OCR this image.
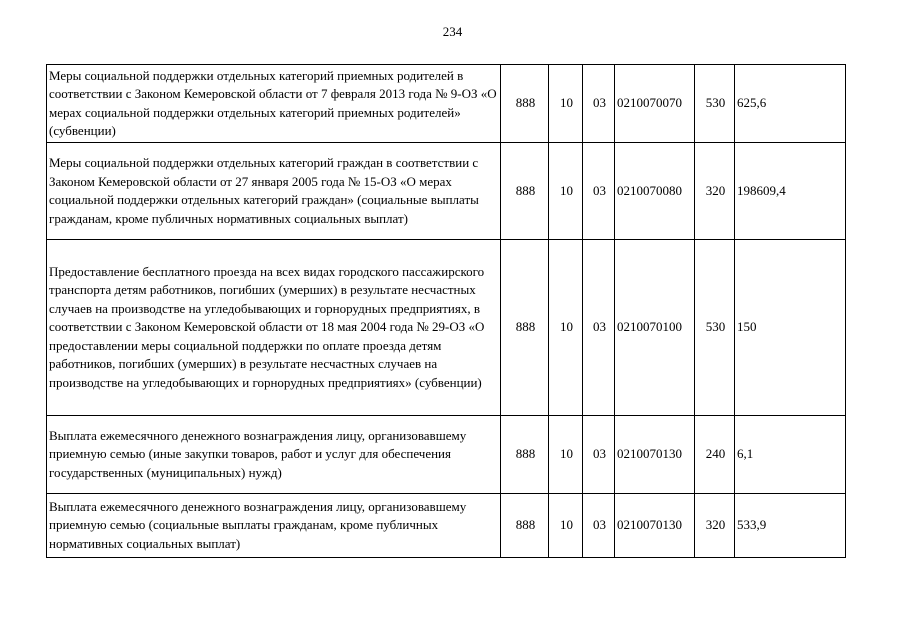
234
Меры социальной поддержки отдельных категорий приемных родителей в соответствии с Законом Кемеровской области от 7 февраля 2013 года № 9-ОЗ «О мерах социальной поддержки отдельных категорий приемных родителей» (субвенции)	888	10	03	0210070070	530	625,6
Меры социальной поддержки отдельных категорий граждан в соответствии с Законом Кемеровской области от 27 января 2005 года № 15-ОЗ «О мерах социальной поддержки отдельных категорий граждан» (социальные выплаты гражданам, кроме публичных нормативных социальных выплат)	888	10	03	0210070080	320	198609,4
Предоставление бесплатного проезда на всех видах городского пассажирского транспорта детям работников, погибших (умерших) в результате несчастных случаев на производстве на угледобывающих и горнорудных предприятиях, в соответствии с Законом Кемеровской области от 18 мая 2004 года № 29-ОЗ «О предоставлении меры социальной поддержки по оплате проезда детям работников, погибших (умерших) в результате несчастных случаев на производстве на угледобывающих и горнорудных предприятиях» (субвенции)	888	10	03	0210070100	530	150
Выплата ежемесячного денежного вознаграждения лицу, организовавшему приемную семью (иные закупки товаров, работ и услуг для обеспечения государственных (муниципальных) нужд)	888	10	03	0210070130	240	6,1
Выплата ежемесячного денежного вознаграждения лицу, организовавшему приемную семью (социальные выплаты гражданам, кроме публичных нормативных социальных выплат)	888	10	03	0210070130	320	533,9
